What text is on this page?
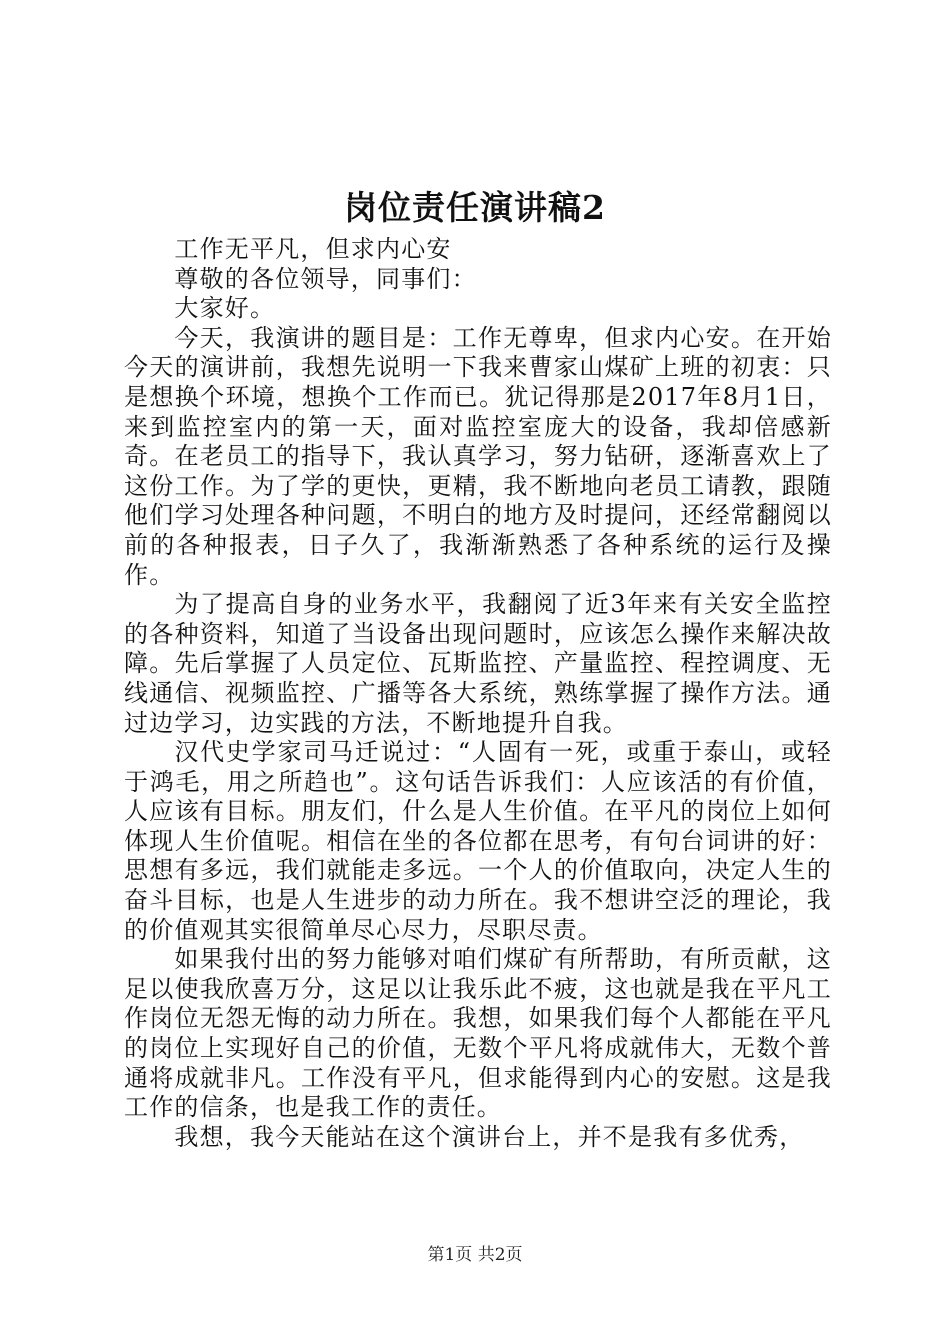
岗位责任演讲稿2

工作无平凡，但求内心安

尊敬的各位领导，同事们：

大家好。

今天，我演讲的题目是：工作无尊卑，但求内心安。在开始今天的演讲前，我想先说明一下我来曹家山煤矿上班的初衷：只是想换个环境，想换个工作而已。犹记得那是2017年8月1日，来到监控室内的第一天，面对监控室庞大的设备，我却倍感新奇。在老员工的指导下，我认真学习，努力钻研，逐渐喜欢上了这份工作。为了学的更快，更精，我不断地向老员工请教，跟随他们学习处理各种问题，不明白的地方及时提问，还经常翻阅以前的各种报表，日子久了，我渐渐熟悉了各种系统的运行及操作。

为了提高自身的业务水平，我翻阅了近3年来有关安全监控的各种资料，知道了当设备出现问题时，应该怎么操作来解决故障。先后掌握了人员定位、瓦斯监控、产量监控、程控调度、无线通信、视频监控、广播等各大系统，熟练掌握了操作方法。通过边学习，边实践的方法，不断地提升自我。

汉代史学家司马迁说过：“人固有一死，或重于泰山，或轻于鸿毛，用之所趋也”。这句话告诉我们：人应该活的有价值，人应该有目标。朋友们，什么是人生价值。在平凡的岗位上如何体现人生价值呢。相信在坐的各位都在思考，有句台词讲的好：思想有多远，我们就能走多远。一个人的价值取向，决定人生的奋斗目标，也是人生进步的动力所在。我不想讲空泛的理论，我的价值观其实很简单尽心尽力，尽职尽责。

如果我付出的努力能够对咱们煤矿有所帮助，有所贡献，这足以使我欣喜万分，这足以让我乐此不疲，这也就是我在平凡工作岗位无怨无悔的动力所在。我想，如果我们每个人都能在平凡的岗位上实现好自己的价值，无数个平凡将成就伟大，无数个普通将成就非凡。工作没有平凡，但求能得到内心的安慰。这是我工作的信条，也是我工作的责任。

我想，我今天能站在这个演讲台上，并不是我有多优秀，

第1页 共2页
